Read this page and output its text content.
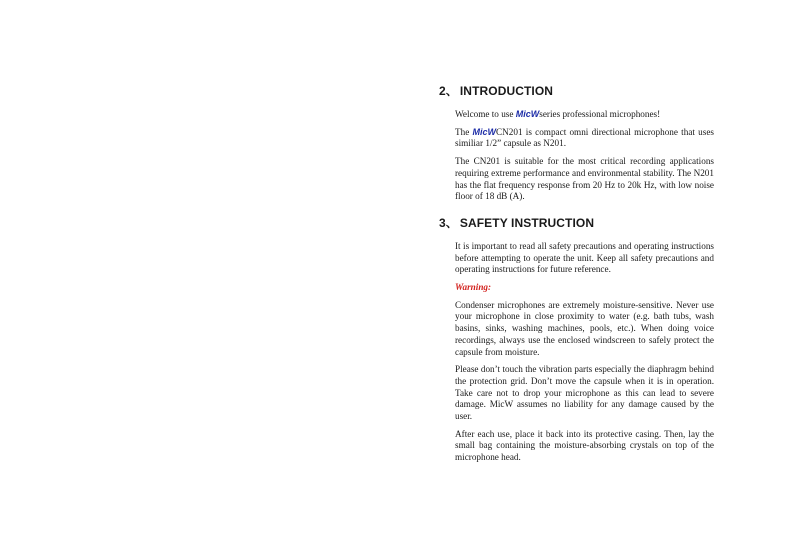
2、 INTRODUCTION

Welcome to use MicWseries professional microphones!

The MicWCN201 is compact omni directional microphone that uses similiar 1/2” capsule as N201.

The CN201 is suitable for the most critical recording applications requiring extreme performance and environmental stability. The N201 has the flat frequency response from 20 Hz to 20k Hz, with low noise floor of 18 dB (A).

3、 SAFETY INSTRUCTION

It is important to read all safety precautions and operating instructions before attempting to operate the unit. Keep all safety precautions and operating instructions for future reference.

Warning:

Condenser microphones are extremely moisture-sensitive. Never use your microphone in close proximity to water (e.g. bath tubs, wash basins, sinks, washing machines, pools, etc.). When doing voice recordings, always use the enclosed windscreen to safely protect the capsule from moisture.

Please don’t touch the vibration parts especially the diaphragm behind the protection grid. Don’t move the capsule when it is in operation. Take care not to drop your microphone as this can lead to severe damage. MicW assumes no liability for any damage caused by the user.

After each use, place it back into its protective casing. Then, lay the small bag containing the moisture-absorbing crystals on top of the microphone head.
